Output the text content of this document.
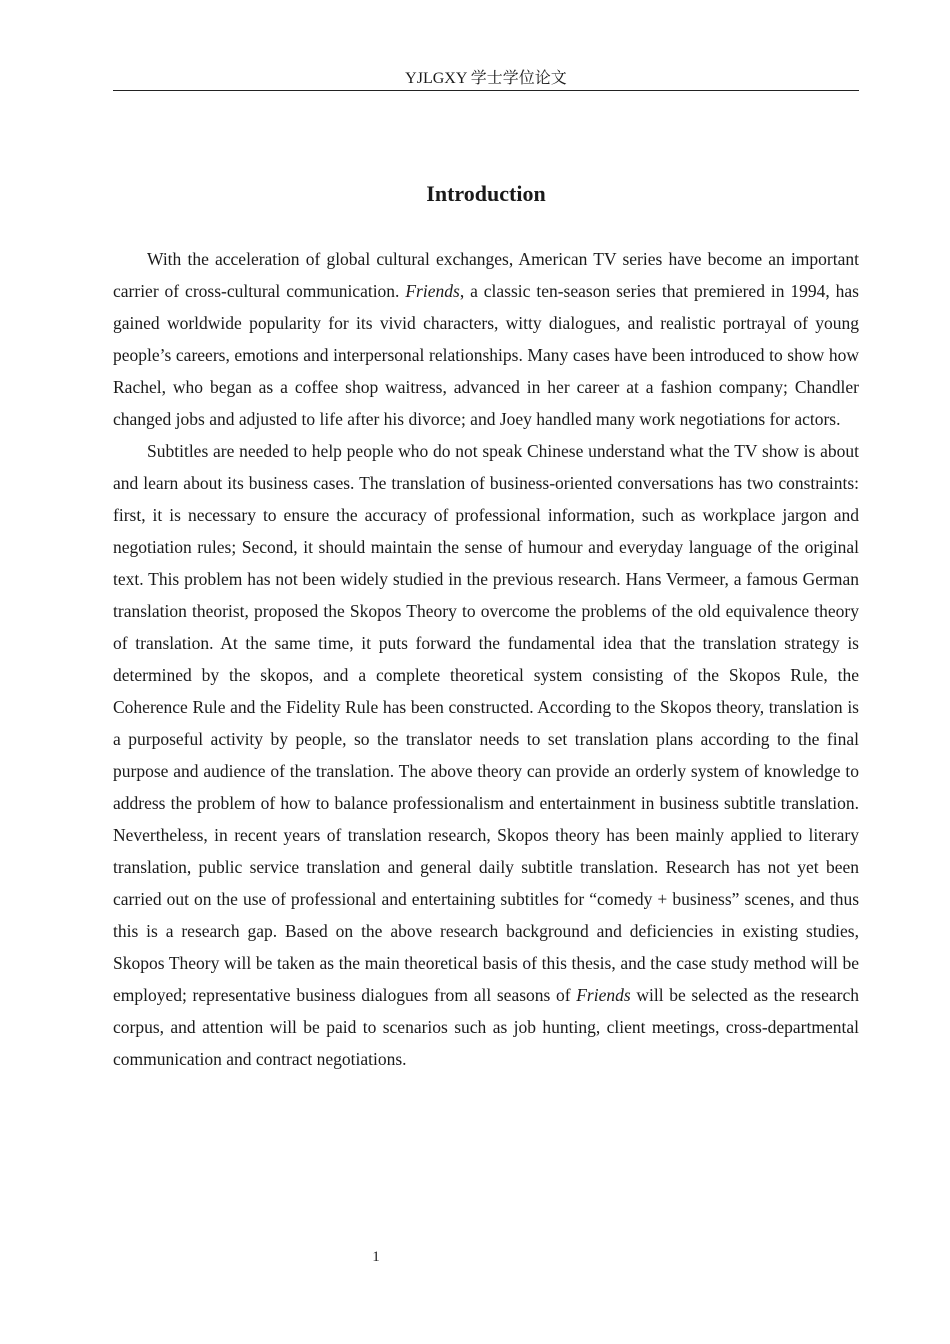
YJLGXY 学士学位论文
Introduction

With the acceleration of global cultural exchanges, American TV series have become an important carrier of cross-cultural communication. Friends, a classic ten-season series that premiered in 1994, has gained worldwide popularity for its vivid characters, witty dialogues, and realistic portrayal of young people’s careers, emotions and interpersonal relationships. Many cases have been introduced to show how Rachel, who began as a coffee shop waitress, advanced in her career at a fashion company; Chandler changed jobs and adjusted to life after his divorce; and Joey handled many work negotiations for actors.

Subtitles are needed to help people who do not speak Chinese understand what the TV show is about and learn about its business cases. The translation of business-oriented conversations has two constraints: first, it is necessary to ensure the accuracy of professional information, such as workplace jargon and negotiation rules; Second, it should maintain the sense of humour and everyday language of the original text. This problem has not been widely studied in the previous research. Hans Vermeer, a famous German translation theorist, proposed the Skopos Theory to overcome the problems of the old equivalence theory of translation. At the same time, it puts forward the fundamental idea that the translation strategy is determined by the skopos, and a complete theoretical system consisting of the Skopos Rule, the Coherence Rule and the Fidelity Rule has been constructed. According to the Skopos theory, translation is a purposeful activity by people, so the translator needs to set translation plans according to the final purpose and audience of the translation. The above theory can provide an orderly system of knowledge to address the problem of how to balance professionalism and entertainment in business subtitle translation. Nevertheless, in recent years of translation research, Skopos theory has been mainly applied to literary translation, public service translation and general daily subtitle translation. Research has not yet been carried out on the use of professional and entertaining subtitles for “comedy + business” scenes, and thus this is a research gap. Based on the above research background and deficiencies in existing studies, Skopos Theory will be taken as the main theoretical basis of this thesis, and the case study method will be employed; representative business dialogues from all seasons of Friends will be selected as the research corpus, and attention will be paid to scenarios such as job hunting, client meetings, cross-departmental communication and contract negotiations.

1
